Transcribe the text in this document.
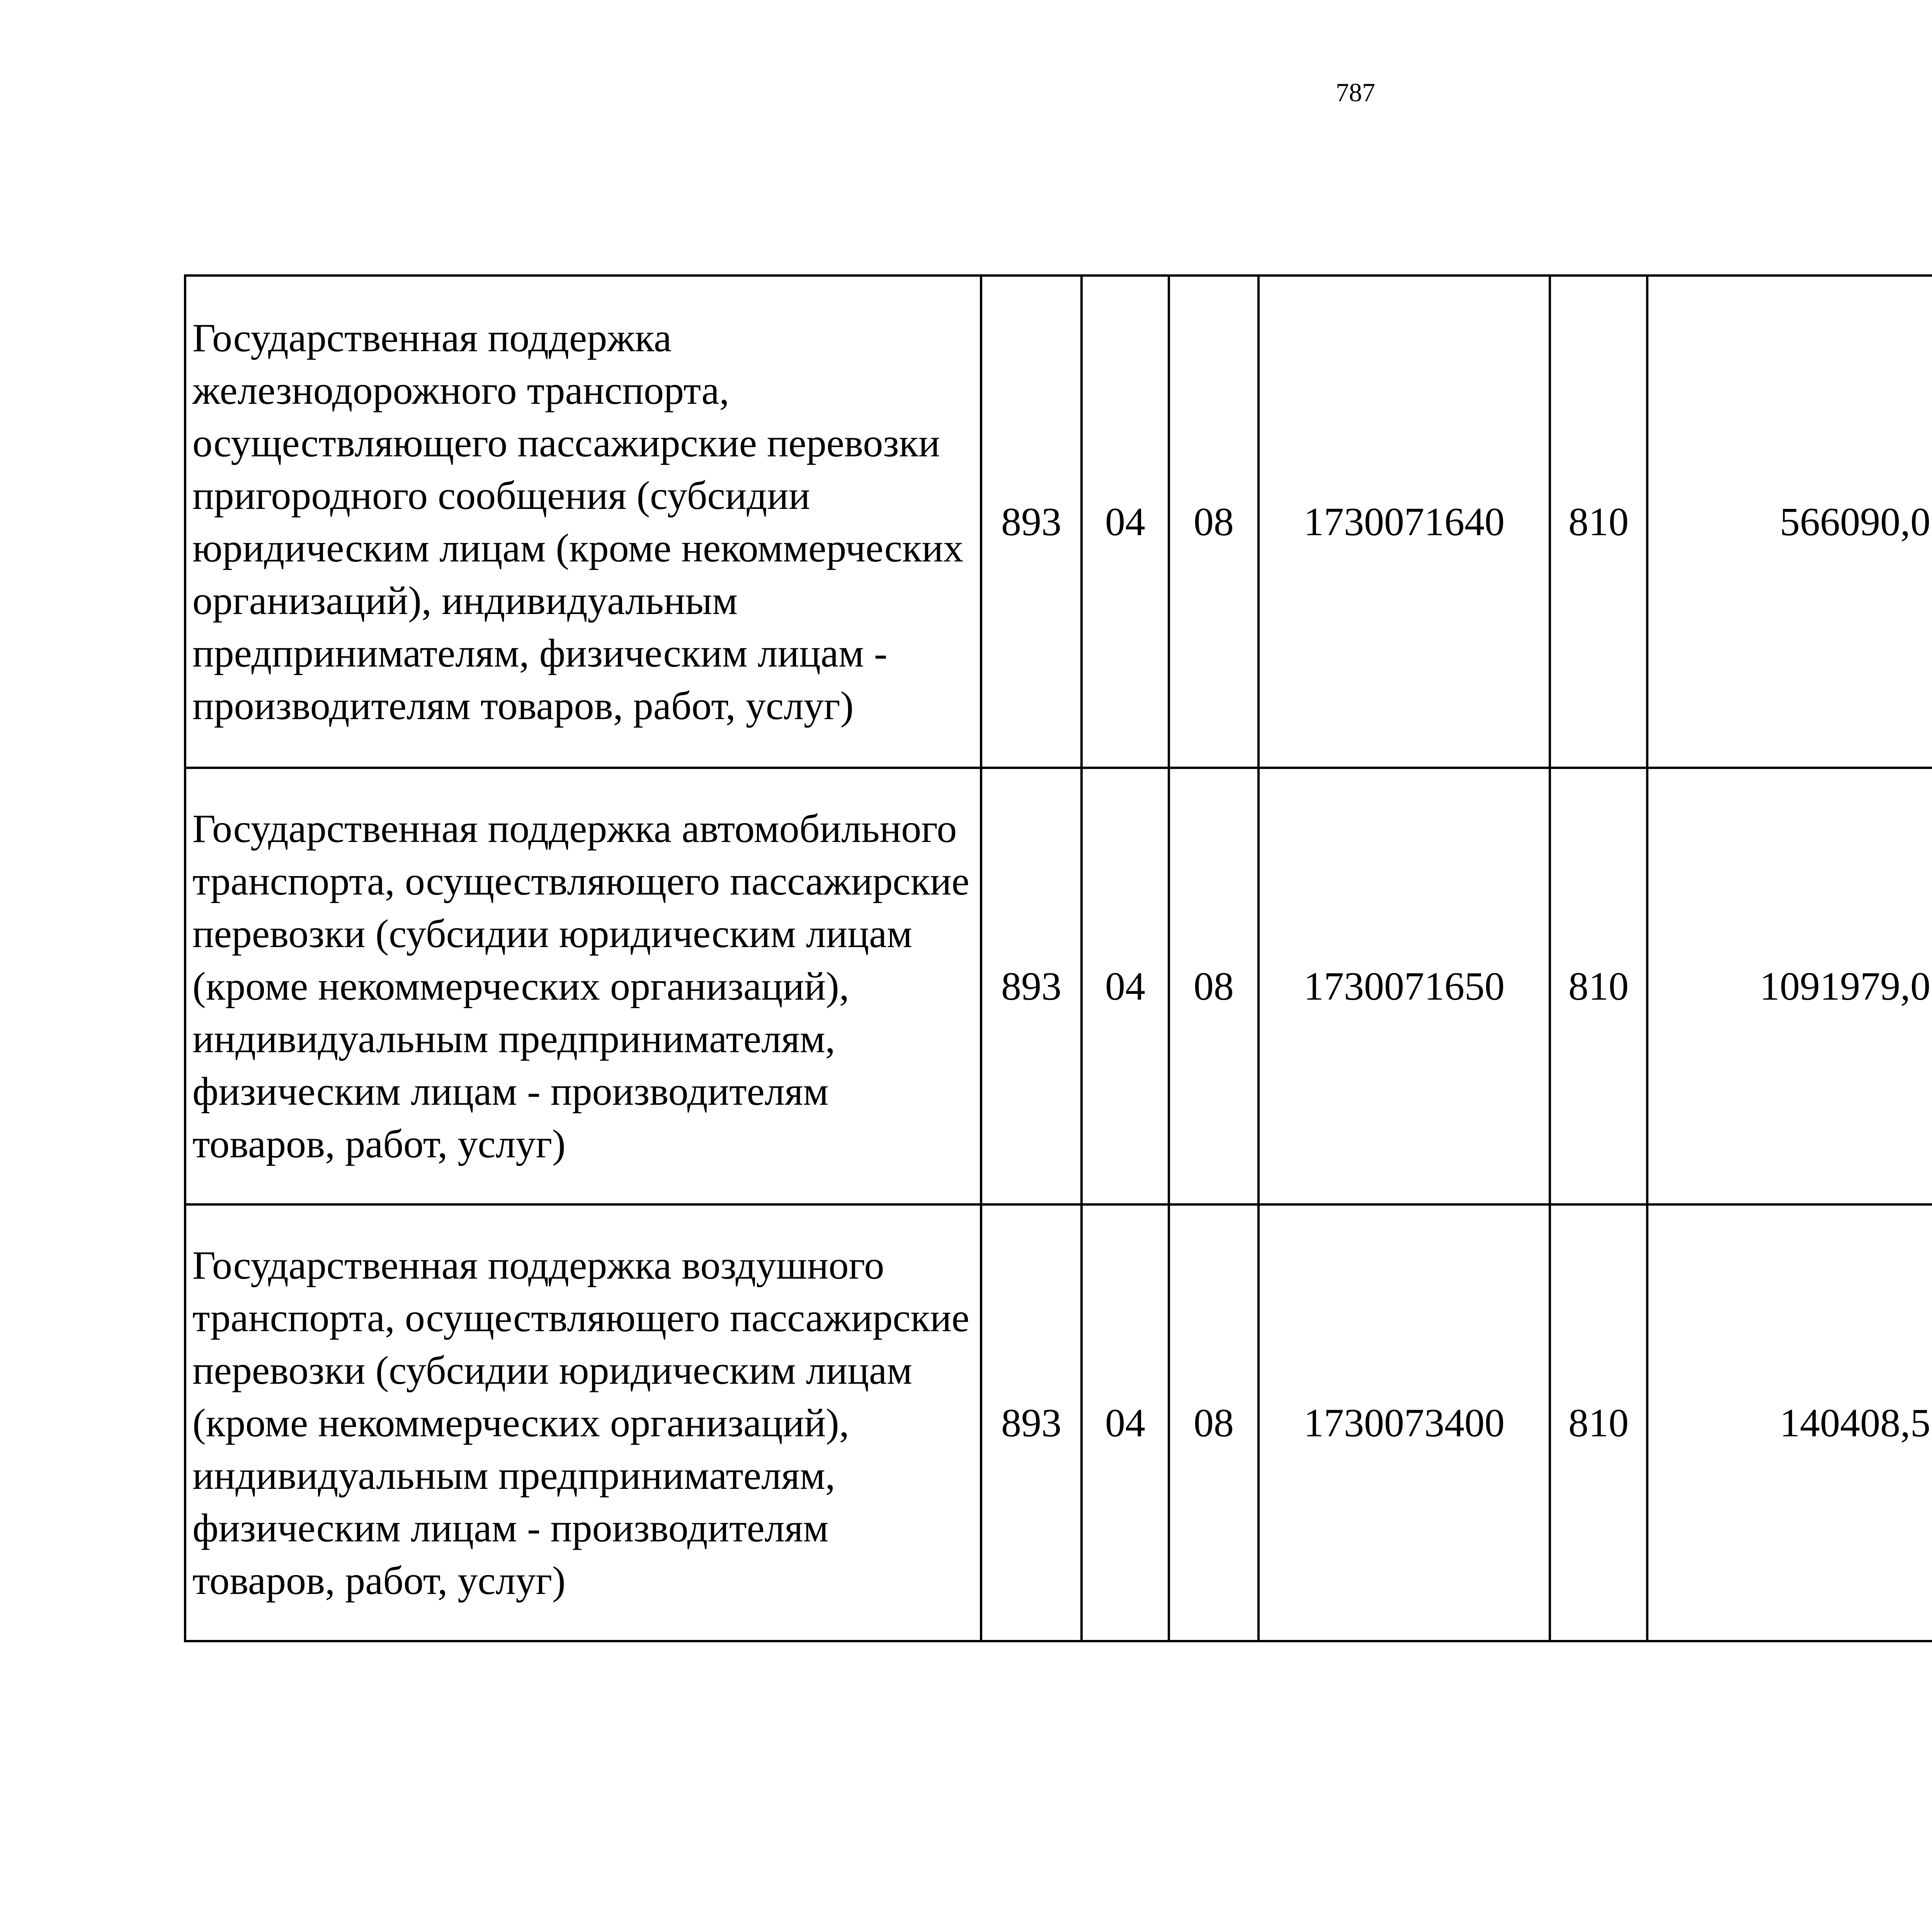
787
Государственная поддержка железнодорожного транспорта, осуществляющего пассажирские перевозки пригородного сообщения (субсидии юридическим лицам (кроме некоммерческих организаций), индивидуальным предпринимателям, физическим лицам - производителям товаров, работ, услуг)	893	04	08	1730071640	810	566090,0		
Государственная поддержка автомобильного транспорта, осуществляющего пассажирские перевозки (субсидии юридическим лицам (кроме некоммерческих организаций), индивидуальным предпринимателям, физическим лицам - производителям товаров, работ, услуг)	893	04	08	1730071650	810	1091979,0		
Государственная поддержка воздушного транспорта, осуществляющего пассажирские перевозки (субсидии юридическим лицам (кроме некоммерческих организаций), индивидуальным предпринимателям, физическим лицам - производителям товаров, работ, услуг)	893	04	08	1730073400	810	140408,5		
